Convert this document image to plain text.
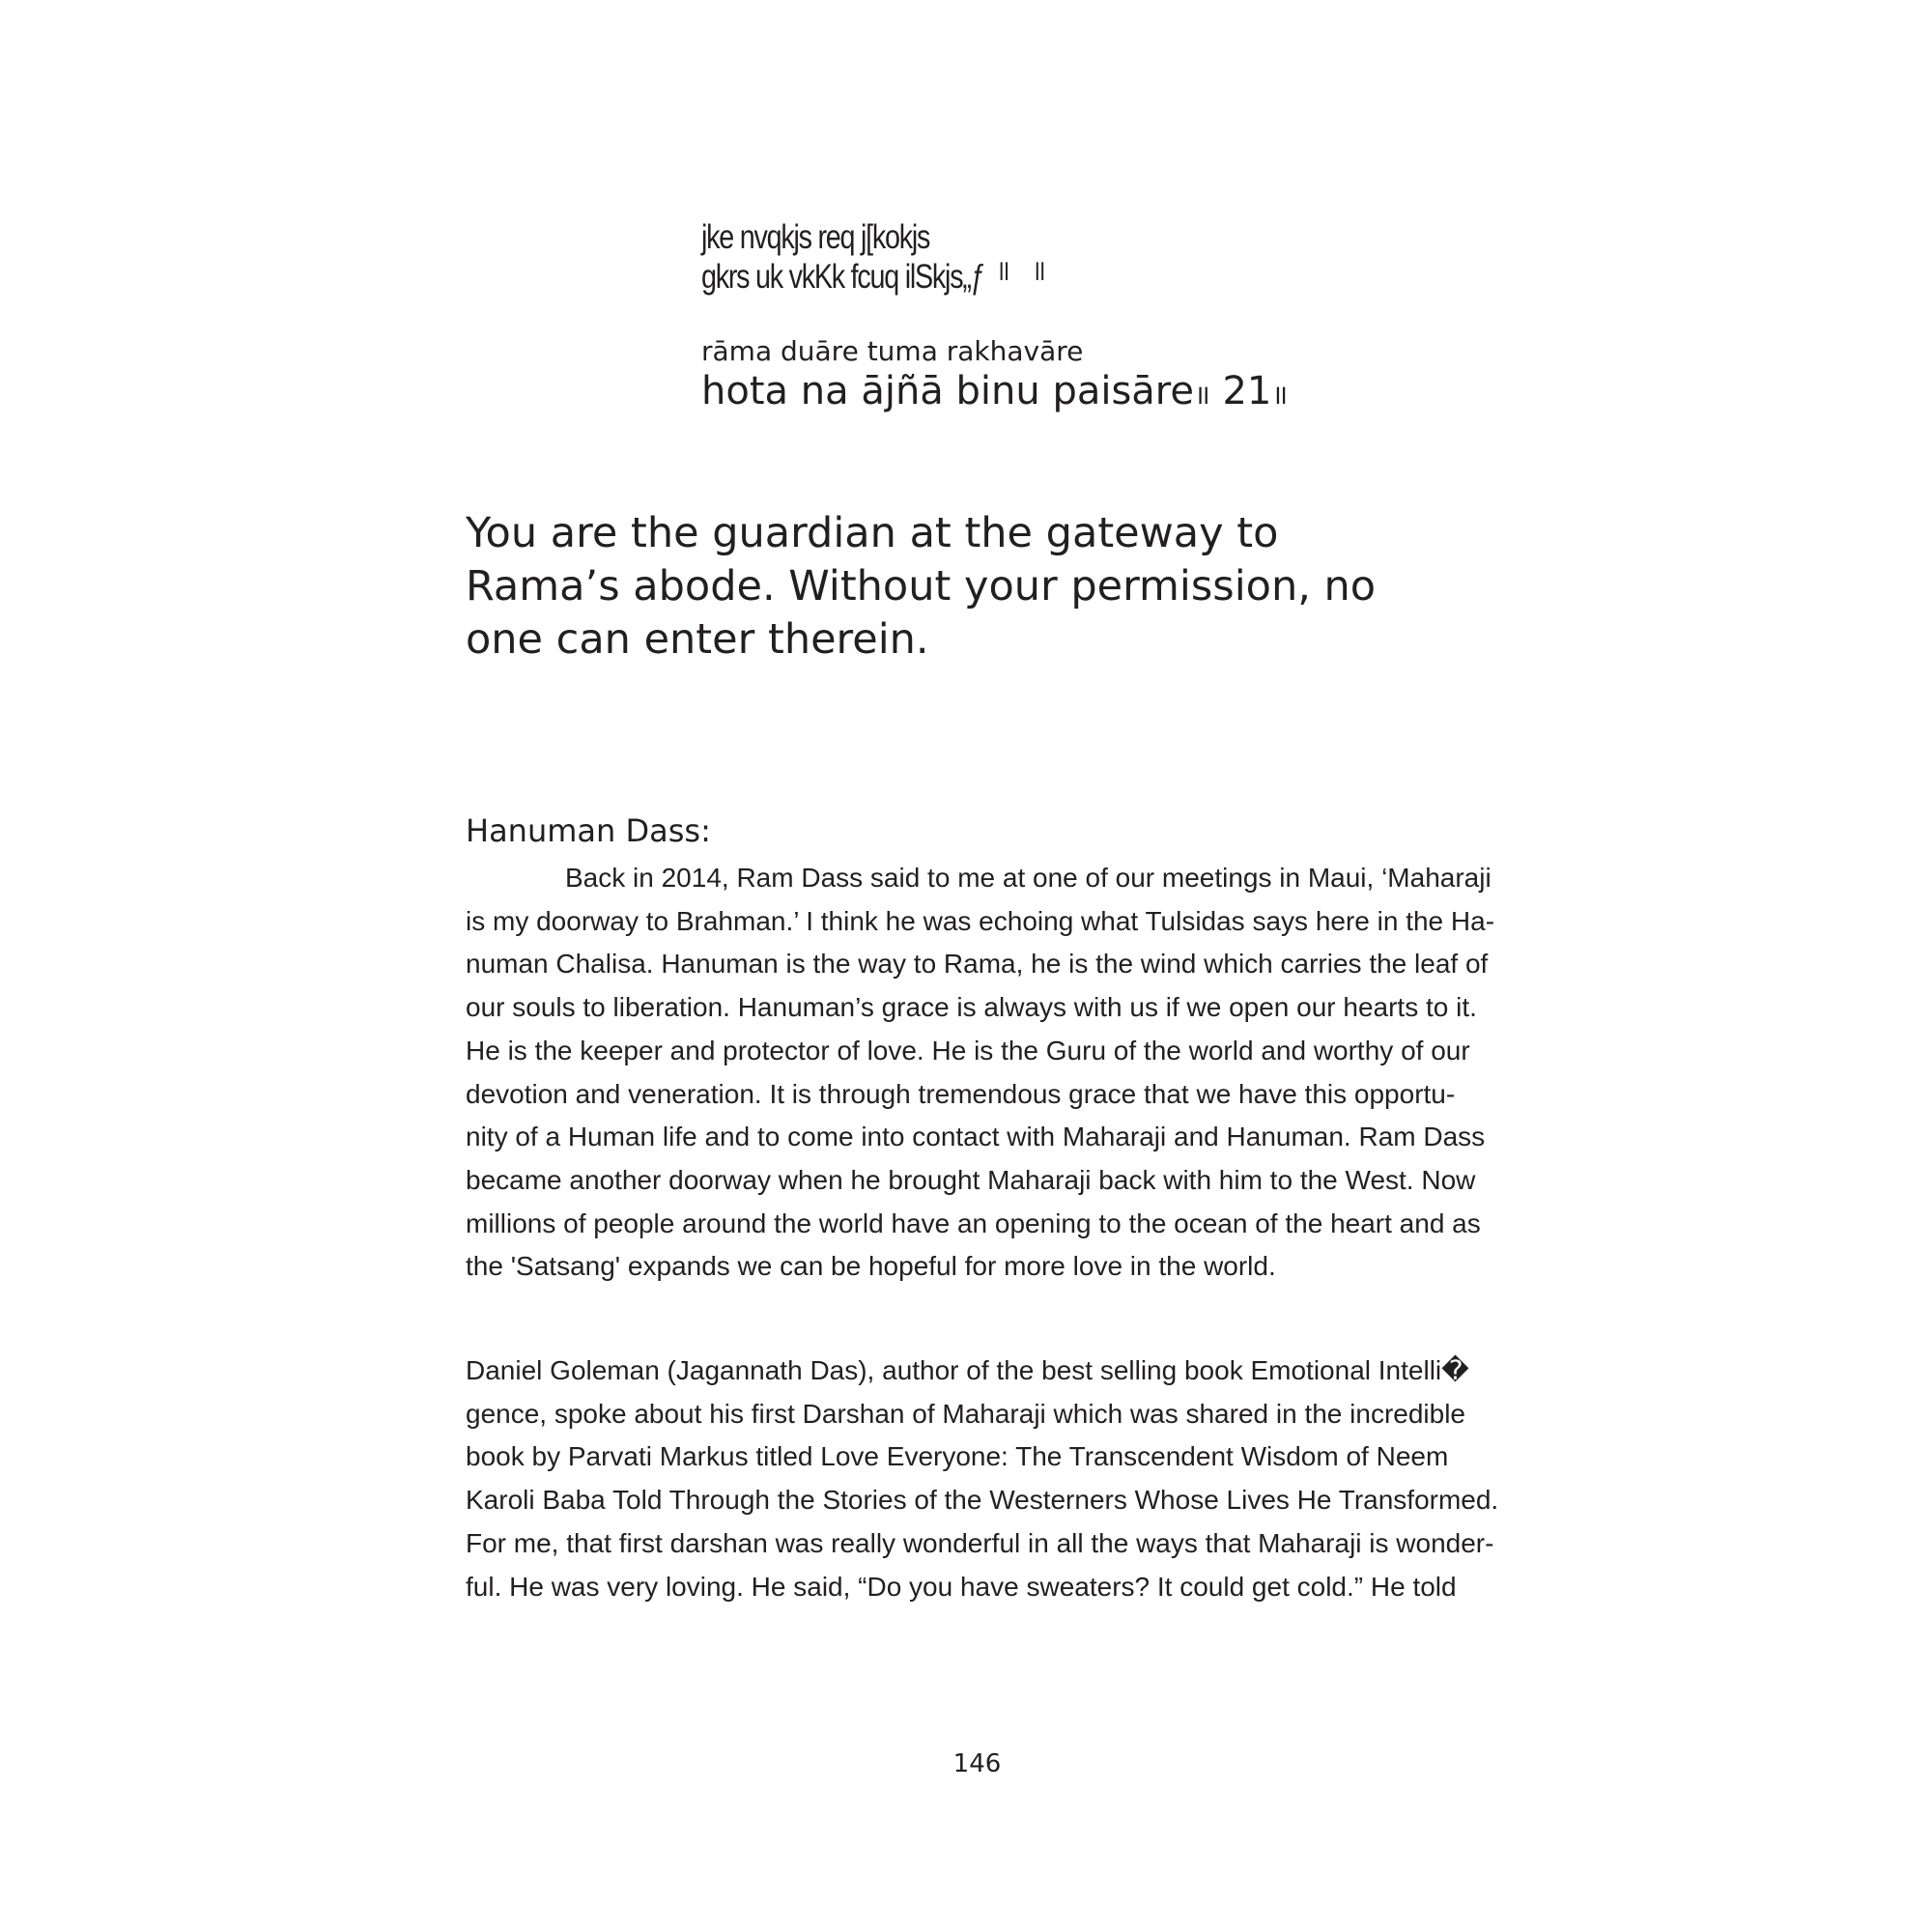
jke nvqkjs req j[kokjs
gkrs uk vkKk fcuq ilSkjs„ƒ ॥ ॥
rāma duāre tuma rakhavāre
hota na ājñā binu paisāre॥ 21॥
You are the guardian at the gateway to Rama’s abode. Without your permission, no one can enter therein.
Hanuman Dass:

Back in 2014, Ram Dass said to me at one of our meetings in Maui, ‘Maharaji
is my doorway to Brahman.’ I think he was echoing what Tulsidas says here in the Ha-
numan Chalisa. Hanuman is the way to Rama, he is the wind which carries the leaf of
our souls to liberation. Hanuman’s grace is always with us if we open our hearts to it.
He is the keeper and protector of love. He is the Guru of the world and worthy of our
devotion and veneration. It is through tremendous grace that we have this opportu-
nity of a Human life and to come into contact with Maharaji and Hanuman. Ram Dass
became another doorway when he brought Maharaji back with him to the West. Now
millions of people around the world have an opening to the ocean of the heart and as
the 'Satsang' expands we can be hopeful for more love in the world.

Daniel Goleman (Jagannath Das), author of the best selling book Emotional Intelli�
gence, spoke about his first Darshan of Maharaji which was shared in the incredible
book by Parvati Markus titled Love Everyone: The Transcendent Wisdom of Neem
Karoli Baba Told Through the Stories of the Westerners Whose Lives He Transformed.
For me, that first darshan was really wonderful in all the ways that Maharaji is wonder-
ful. He was very loving. He said, “Do you have sweaters? It could get cold.” He told

146
